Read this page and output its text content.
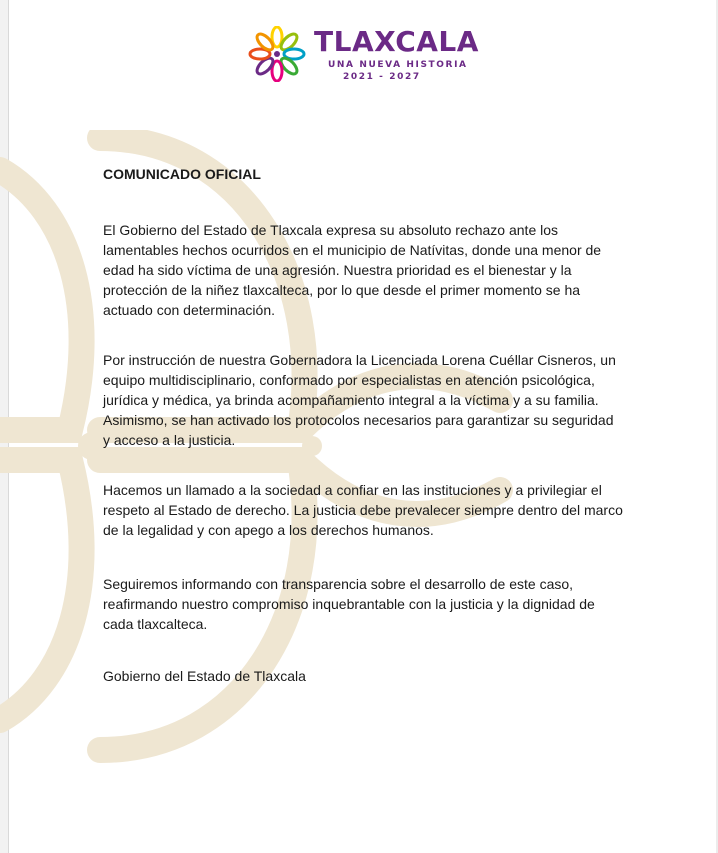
TLAXCALA
UNA NUEVA HISTORIA
2021 - 2027

COMUNICADO OFICIAL

El Gobierno del Estado de Tlaxcala expresa su absoluto rechazo ante los lamentables hechos ocurridos en el municipio de Natívitas, donde una menor de edad ha sido víctima de una agresión. Nuestra prioridad es el bienestar y la protección de la niñez tlaxcalteca, por lo que desde el primer momento se ha actuado con determinación.

Por instrucción de nuestra Gobernadora la Licenciada Lorena Cuéllar Cisneros, un equipo multidisciplinario, conformado por especialistas en atención psicológica, jurídica y médica, ya brinda acompañamiento integral a la víctima y a su familia. Asimismo, se han activado los protocolos necesarios para garantizar su seguridad y acceso a la justicia.

Hacemos un llamado a la sociedad a confiar en las instituciones y a privilegiar el respeto al Estado de derecho. La justicia debe prevalecer siempre dentro del marco de la legalidad y con apego a los derechos humanos.

Seguiremos informando con transparencia sobre el desarrollo de este caso, reafirmando nuestro compromiso inquebrantable con la justicia y la dignidad de cada tlaxcalteca.

Gobierno del Estado de Tlaxcala
